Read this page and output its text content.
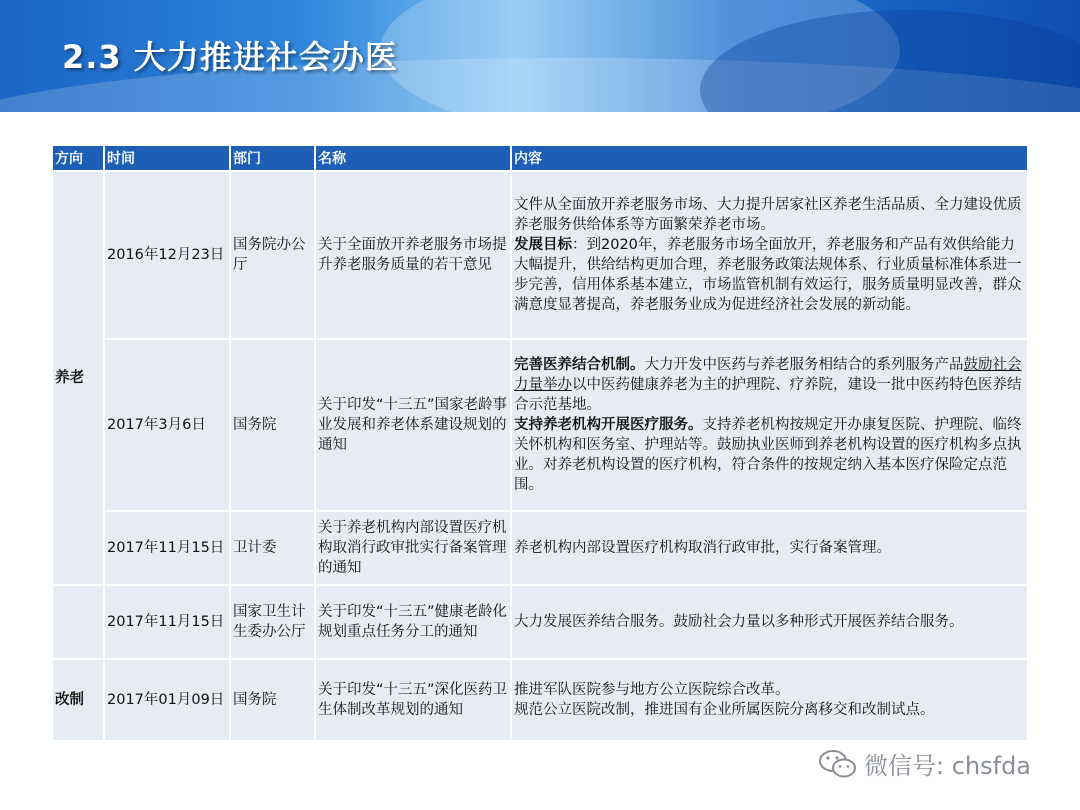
2.3 大力推进社会办医
方向	时间	部门	名称	内容
养老	2016年12月23日	国务院办公厅	关于全面放开养老服务市场提升养老服务质量的若干意见	文件从全面放开养老服务市场、大力提升居家社区养老生活品质、全力建设优质养老服务供给体系等方面繁荣养老市场。
发展目标：到2020年，养老服务市场全面放开，养老服务和产品有效供给能力大幅提升，供给结构更加合理，养老服务政策法规体系、行业质量标准体系进一步完善，信用体系基本建立，市场监管机制有效运行，服务质量明显改善，群众满意度显著提高，养老服务业成为促进经济社会发展的新动能。
	2017年3月6日	国务院	关于印发“十三五”国家老龄事业发展和养老体系建设规划的通知	完善医养结合机制。大力开发中医药与养老服务相结合的系列服务产品鼓励社会力量举办以中医药健康养老为主的护理院、疗养院，建设一批中医药特色医养结合示范基地。
支持养老机构开展医疗服务。支持养老机构按规定开办康复医院、护理院、临终关怀机构和医务室、护理站等。鼓励执业医师到养老机构设置的医疗机构多点执业。对养老机构设置的医疗机构，符合条件的按规定纳入基本医疗保险定点范围。
	2017年11月15日	卫计委	关于养老机构内部设置医疗机构取消行政审批实行备案管理的通知	养老机构内部设置医疗机构取消行政审批，实行备案管理。
	2017年11月15日	国家卫生计生委办公厅	关于印发“十三五”健康老龄化规划重点任务分工的通知	大力发展医养结合服务。鼓励社会力量以多种形式开展医养结合服务。
改制	2017年01月09日	国务院	关于印发“十三五”深化医药卫生体制改革规划的通知	推进军队医院参与地方公立医院综合改革。
规范公立医院改制，推进国有企业所属医院分离移交和改制试点。
微信号: chsfda
